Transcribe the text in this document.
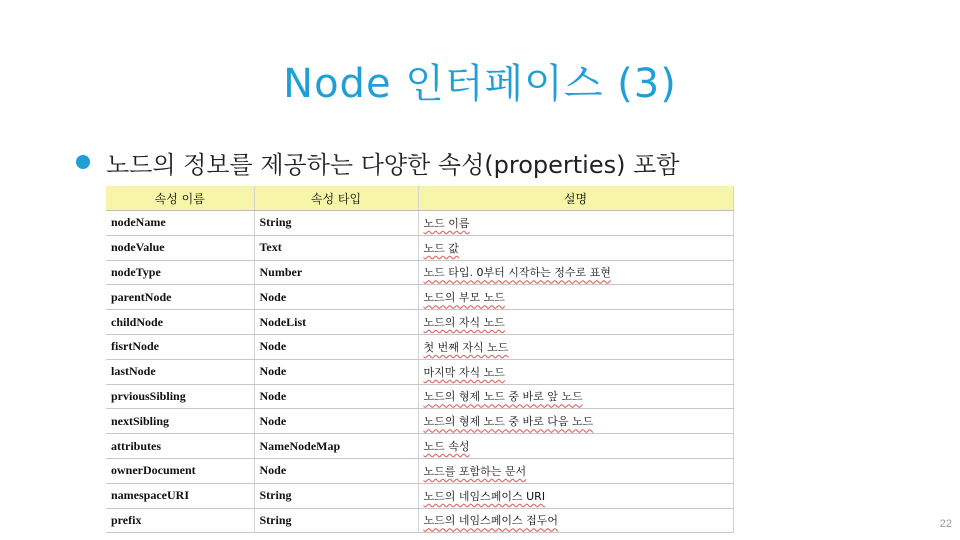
Node 인터페이스 (3)
노드의 정보를 제공하는 다양한 속성(properties) 포함
속성 이름	속성 타입	설명
nodeName	String	노드 이름
nodeValue	Text	노드 값
nodeType	Number	노드 타입. 0부터 시작하는 정수로 표현
parentNode	Node	노드의 부모 노드
childNode	NodeList	노드의 자식 노드
fisrtNode	Node	첫 번째 자식 노드
lastNode	Node	마지막 자식 노드
prviousSibling	Node	노드의 형제 노드 중 바로 앞 노드
nextSibling	Node	노드의 형제 노드 중 바로 다음 노드
attributes	NameNodeMap	노드 속성
ownerDocument	Node	노드를 포함하는 문서
namespaceURI	String	노드의 네임스페이스 URI
prefix	String	노드의 네임스페이스 접두어	22
